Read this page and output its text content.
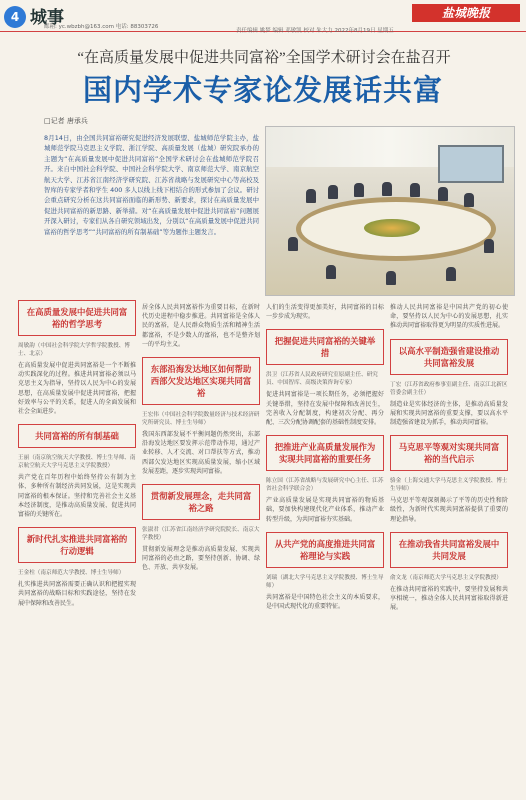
4 城事
邮箱: yc.wbzbh@163.com 电话: 88303726
责任编辑 姚梦 编辑 邓敏凯 校对 朱大力 2022年8月19日 星期五
盐城晚报
“在高质量发展中促进共同富裕”全国学术研讨会在盐召开
国内学术专家论发展话共富
□记者 唐承兵
8月14日，由全国共同富裕研究促进经济发展联盟、盐城师范学院主办，盐城师范学院马克思主义学院、浙江学院、高质量发展（盐城）研究院承办的主题为“在高质量发展中促进共同富裕”全国学术研讨会在盐城师范学院召开。来自中国社会科学院、中国社会科学院大学、南京师范大学、南京航空航天大学、江苏省江南经济学研究院、江苏省战略与发展研究中心等高校及智库的专家学者和学生 400 多人以线上线下相结合的形式参加了会议。研讨会重点研究分析在这共同富裕面临的新形势、新要求，探讨在高质量发展中促进共同富裕的新思路、新举措。对“在高质量发展中促进共同富裕”问题展开深入研讨，专家们从各自研究领域出发，分别以“在高质量发展中促进共同富裕的哲学思考”“共同富裕的所有制基础”等为题作主题发言。
在高质量发展中促进共同富裕的哲学思考
周敏韵（中国社会科学院大学哲学院教授、博士、北京）
在高质量发展中促进共同富裕是一个不断推动实践深化的过程。推进共同富裕必须以马克思主义为指导，坚持以人民为中心的发展思想，在高质量发展中促进共同富裕，把握好效率与公平的关系，促进人的全面发展和社会全面进步。
共同富裕的所有制基础
王丽（南京航空航天大学教授、博士生导师、南京航空航天大学马克思主义学院教授）
共产党在百年历程中始终坚持公有制为主体、多种所有制经济共同发展，这是实现共同富裕的根本保证。坚持和完善社会主义基本经济制度，是推动高质量发展、促进共同富裕的关键所在。
新时代扎实推进共同富裕的行动逻辑
王金柱（南京师范大学教授、博士生导师）
扎实推进共同富裕需要正确认识和把握实现共同富裕的战略目标和实践途径，坚持在发展中保障和改善民生。
居全体人民共同富裕作为重要目标，在新时代历史进程中稳步推进。共同富裕是全体人民的富裕，是人民群众物质生活和精神生活都富裕，不是少数人的富裕，也不是整齐划一的平均主义。
东部沿海发达地区如何帮助西部欠发达地区实现共同富裕
王宏伟（中国社会科学院数量经济与技术经济研究所研究员、博士生导师）
我国东西部发展不平衡问题仍然突出，东部沿海发达地区要发挥示范带动作用，通过产业转移、人才交流、对口帮扶等方式，推动西部欠发达地区实现高质量发展，缩小区域发展差距，逐步实现共同富裕。
贯彻新发展理念，走共同富裕之路
张淑君（江苏省江南经济学研究院院长、南京大学教授）
贯彻新发展理念是推动高质量发展、实现共同富裕的必由之路，要坚持创新、协调、绿色、开放、共享发展。
人们的生活变得更加美好，共同富裕的目标一步步成为现实。
把握促进共同富裕的关键举措
洪卫（江苏省人民政府研究室原副主任、研究员、中国智库、高级决策咨询专家）
促进共同富裕是一项长期任务，必须把握好关键举措，坚持在发展中保障和改善民生，完善收入分配制度，构建初次分配、再分配、三次分配协调配套的基础性制度安排。
把推进产业高质量发展作为实现共同富裕的重要任务
陈立国（江苏省战略与发展研究中心主任、江苏省社会科学联合会）
产业高质量发展是实现共同富裕的物质基础，要加快构建现代化产业体系，推动产业转型升级，为共同富裕夯实基础。
从共产党的高度推进共同富裕理论与实践
刘瑞（湖北大学马克思主义学院教授、博士生导师）
共同富裕是中国特色社会主义的本质要求，是中国式现代化的重要特征。
推动人民共同富裕是中国共产党的初心使命，要坚持以人民为中心的发展思想，扎实推动共同富裕取得更为明显的实质性进展。
以高水平制造强省建设推动共同富裕发展
丁宏（江苏省政府参事室副主任、南京江北新区管委会副主任）
制造业是实体经济的主体，是推动高质量发展和实现共同富裕的重要支撑，要以高水平制造强省建设为抓手，推动共同富裕。
马克思平等观对实现共同富裕的当代启示
骆金（上海交通大学马克思主义学院教授、博士生导师）
马克思平等观深刻揭示了平等的历史性和阶级性，为新时代实现共同富裕提供了重要的理论指导。
在推动我省共同富裕发展中共同发展
俞文龙（南京师范大学马克思主义学院教授）
在推动共同富裕的实践中，要坚持发展和共享相统一，推动全体人民共同富裕取得新进展。
